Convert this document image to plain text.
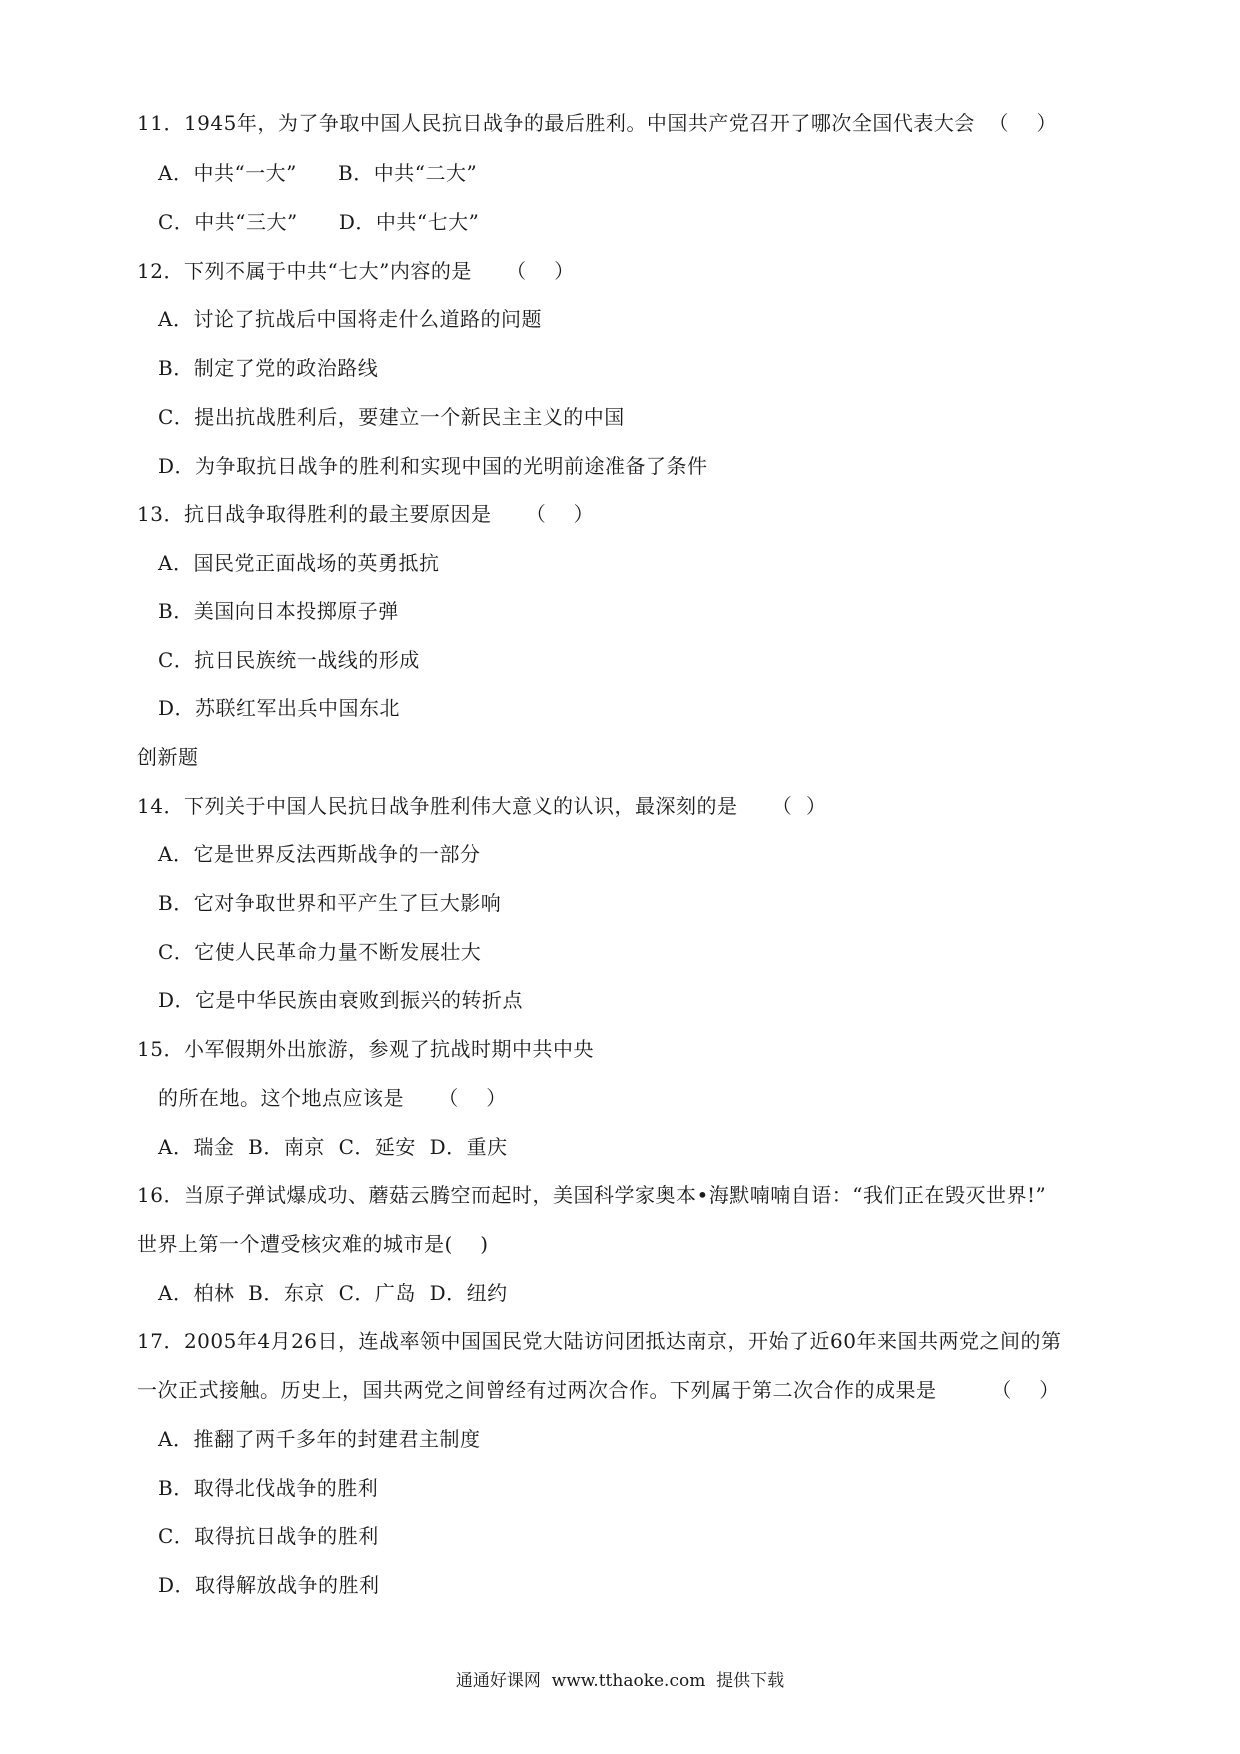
11．1945年，为了争取中国人民抗日战争的最后胜利。中国共产党召开了哪次全国代表大会  （    ）
A．中共“一大”      B．中共“二大”
C．中共“三大”      D．中共“七大”
12．下列不属于中共“七大”内容的是     （    ）
A．讨论了抗战后中国将走什么道路的问题
B．制定了党的政治路线
C．提出抗战胜利后，要建立一个新民主主义的中国
D．为争取抗日战争的胜利和实现中国的光明前途准备了条件
13．抗日战争取得胜利的最主要原因是     （    ）
A．国民党正面战场的英勇抵抗
B．美国向日本投掷原子弹
C．抗日民族统一战线的形成
D．苏联红军出兵中国东北
创新题
14．下列关于中国人民抗日战争胜利伟大意义的认识，最深刻的是     （  ）
A．它是世界反法西斯战争的一部分
B．它对争取世界和平产生了巨大影响
C．它使人民革命力量不断发展壮大
D．它是中华民族由衰败到振兴的转折点
15．小军假期外出旅游，参观了抗战时期中共中央
的所在地。这个地点应该是     （    ）
A．瑞金  B．南京  C．延安  D．重庆
16．当原子弹试爆成功、蘑菇云腾空而起时，美国科学家奥本•海默喃喃自语：“我们正在毁灭世界!”
世界上第一个遭受核灾难的城市是(    )
A．柏林  B．东京  C．广岛  D．纽约
17．2005年4月26日，连战率领中国国民党大陆访问团抵达南京，开始了近60年来国共两党之间的第
一次正式接触。历史上，国共两党之间曾经有过两次合作。下列属于第二次合作的成果是        （    ）
A．推翻了两千多年的封建君主制度
B．取得北伐战争的胜利
C．取得抗日战争的胜利
D．取得解放战争的胜利
通通好课网  www.tthaoke.com  提供下载
